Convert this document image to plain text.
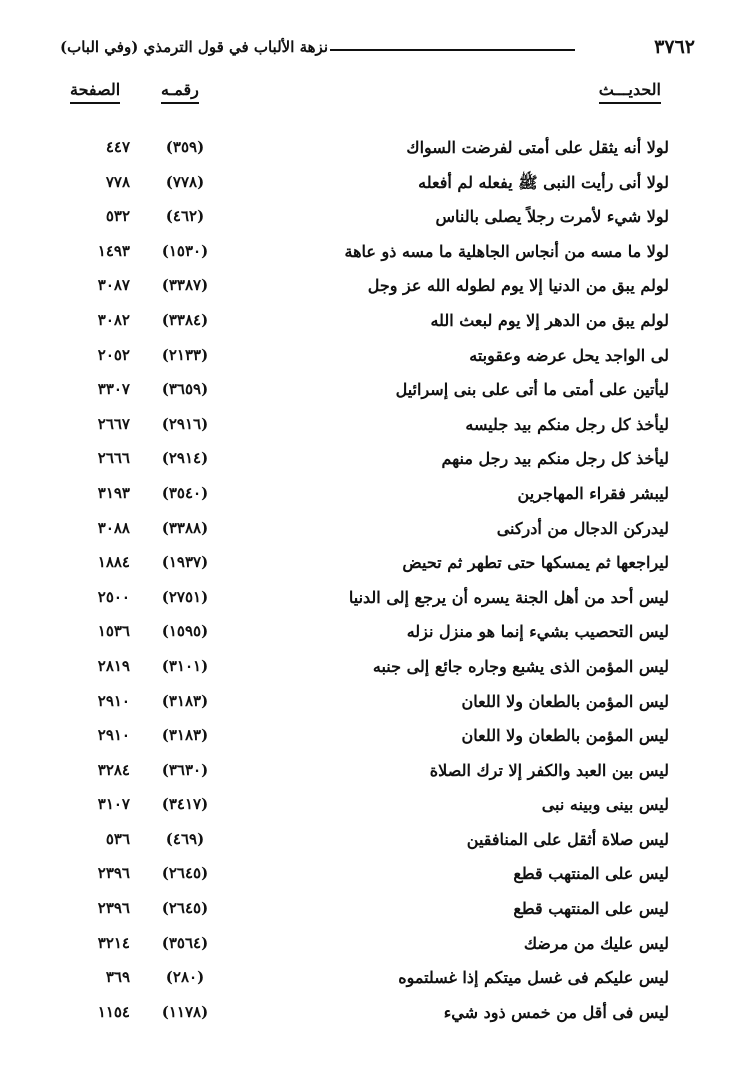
٣٧٦٢
نزهة الألباب في قول الترمذي (وفي الباب)
الحديـــث
رقمـه
الصفحة
لولا أنه يثقل على أمتى لفرضت السواك
(٣٥٩)
٤٤٧
لولا أنى رأيت النبى ﷺ يفعله لم أفعله
(٧٧٨)
٧٧٨
لولا شيء لأمرت رجلاً يصلى بالناس
(٤٦٢)
٥٣٢
لولا ما مسه من أنجاس الجاهلية ما مسه ذو عاهة
(١٥٣٠)
١٤٩٣
لولم يبق من الدنيا إلا يوم لطوله الله عز وجل
(٣٣٨٧)
٣٠٨٧
لولم يبق من الدهر إلا يوم لبعث الله
(٣٣٨٤)
٣٠٨٢
لى الواجد يحل عرضه وعقوبته
(٢١٣٣)
٢٠٥٢
ليأتين على أمتى ما أتى على بنى إسرائيل
(٣٦٥٩)
٣٣٠٧
ليأخذ كل رجل منكم بيد جليسه
(٢٩١٦)
٢٦٦٧
ليأخذ كل رجل منكم بيد رجل منهم
(٢٩١٤)
٢٦٦٦
ليبشر فقراء المهاجرين
(٣٥٤٠)
٣١٩٣
ليدركن الدجال من أدركنى
(٣٣٨٨)
٣٠٨٨
ليراجعها ثم يمسكها حتى تطهر ثم تحيض
(١٩٣٧)
١٨٨٤
ليس أحد من أهل الجنة يسره أن يرجع إلى الدنيا
(٢٧٥١)
٢٥٠٠
ليس التحصيب بشيء إنما هو منزل نزله
(١٥٩٥)
١٥٣٦
ليس المؤمن الذى يشبع وجاره جائع إلى جنبه
(٣١٠١)
٢٨١٩
ليس المؤمن بالطعان ولا اللعان
(٣١٨٣)
٢٩١٠
ليس المؤمن بالطعان ولا اللعان
(٣١٨٣)
٢٩١٠
ليس بين العبد والكفر إلا ترك الصلاة
(٣٦٣٠)
٣٢٨٤
ليس بينى وبينه نبى
(٣٤١٧)
٣١٠٧
ليس صلاة أثقل على المنافقين
(٤٦٩)
٥٣٦
ليس على المنتهب قطع
(٢٦٤٥)
٢٣٩٦
ليس على المنتهب قطع
(٢٦٤٥)
٢٣٩٦
ليس عليك من مرضك
(٣٥٦٤)
٣٢١٤
ليس عليكم فى غسل ميتكم إذا غسلتموه
(٢٨٠)
٣٦٩
ليس فى أقل من خمس ذود شيء
(١١٧٨)
١١٥٤
